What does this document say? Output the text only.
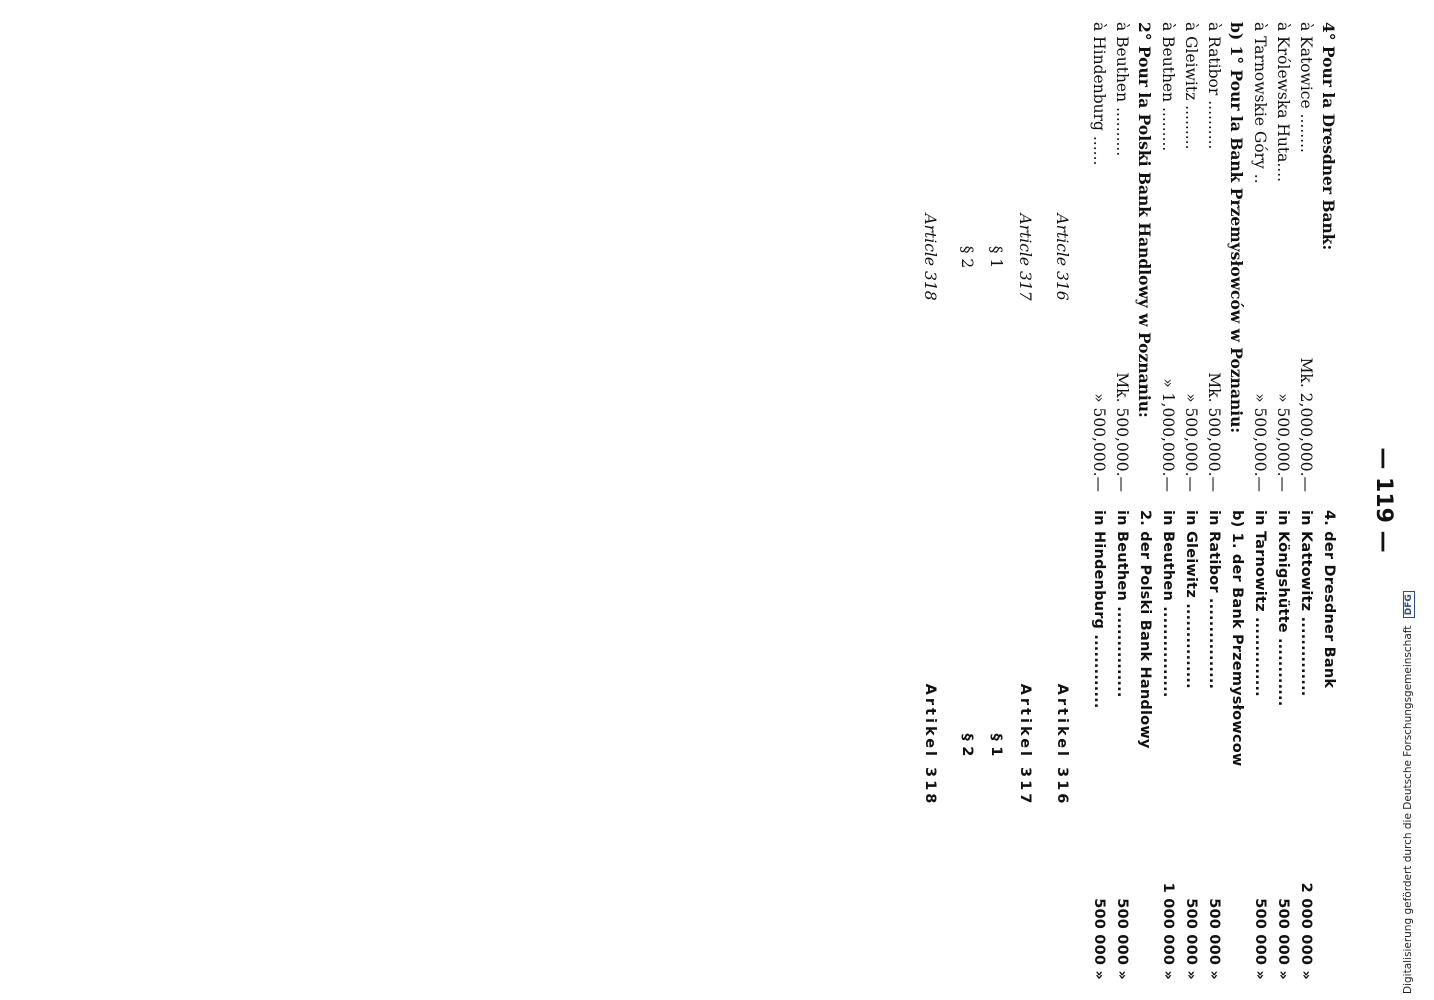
— 119 —
4° Pour la Dresdner Bank:
à Katowice ........
Mk. 2,000,000.—
à Królewska Huta....
» 500,000.—
à Tarnowskie Góry ..
» 500,000.—
b) 1° Pour la Bank Przemysłowców w Poznaniu:
à Ratibor ..........
Mk. 500,000.—
à Gleiwitz .........
» 500,000.—
à Beuthen .........
» 1,000,000.—
2° Pour la Polski Bank Handlowy w Poznaniu:
à Beuthen ..........
Mk. 500,000.—
à Hindenburg ......
» 500,000.—
Article 316
Article 317
§ 1
§ 2
Article 318
4. der Dresdner Bank
in Kattowitz ..............
2 000 000 »
in Königshütte ............
500 000 »
in Tarnowitz ..............
500 000 »
b) 1. der Bank Przemysłowcow
in Ratibor ................
500 000 »
in Gleiwitz ...............
500 000 »
in Beuthen ................
1 000 000 »
2. der Polski Bank Handlowy
in Beuthen ................
500 000 »
in Hindenburg .............
500 000 »
Artikel 316
Artikel 317
§ 1
§ 2
Artikel 318	Digitalisierung gefördert durch die Deutsche Forschungsgemeinschaft DFG
